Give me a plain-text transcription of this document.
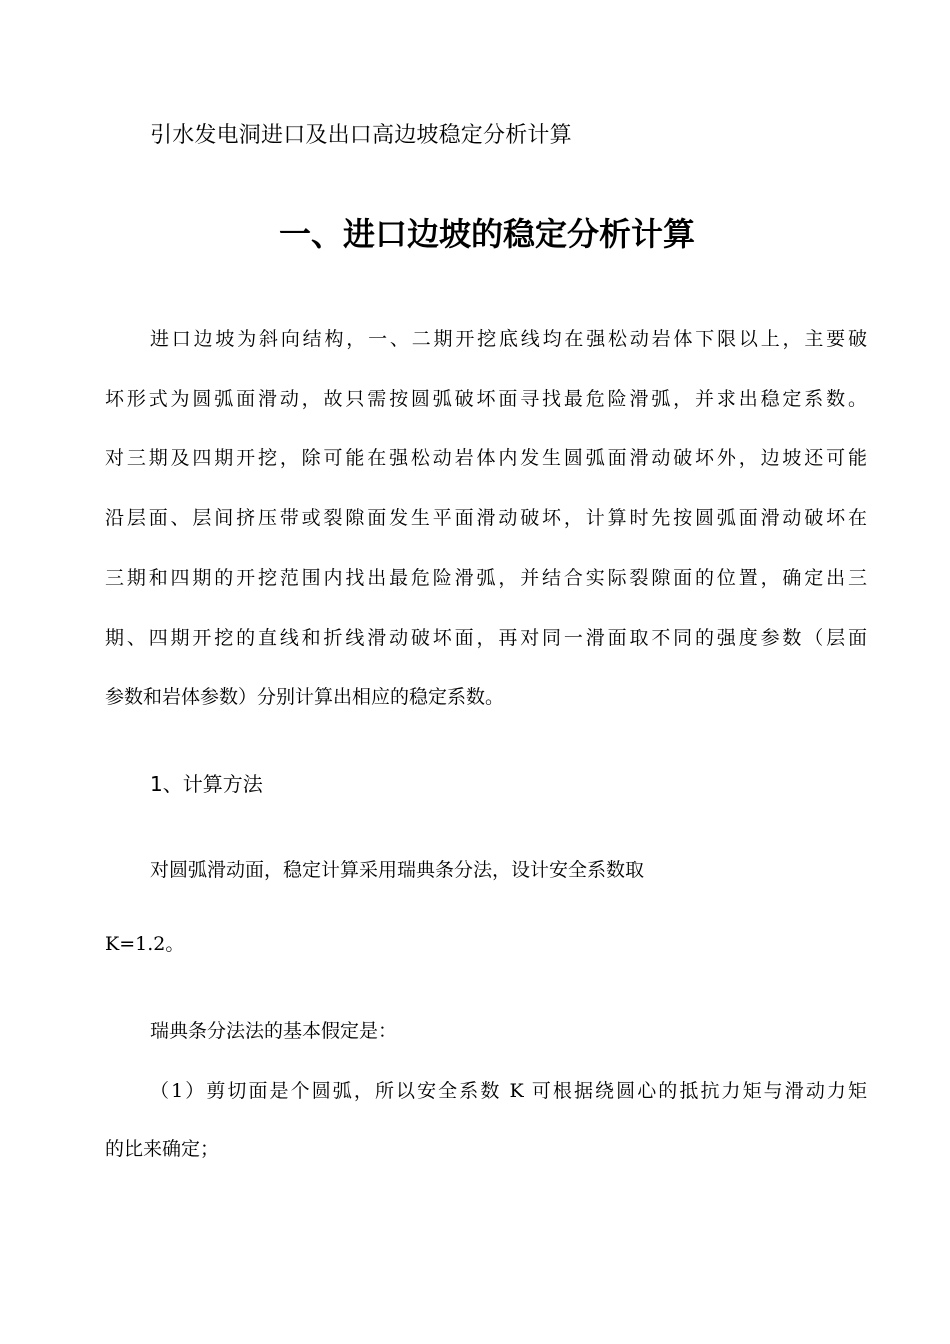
引水发电洞进口及出口高边坡稳定分析计算
一、进口边坡的稳定分析计算
进口边坡为斜向结构，一、二期开挖底线均在强松动岩体下限以上，主要破
坏形式为圆弧面滑动，故只需按圆弧破坏面寻找最危险滑弧，并求出稳定系数。
对三期及四期开挖，除可能在强松动岩体内发生圆弧面滑动破坏外，边坡还可能
沿层面、层间挤压带或裂隙面发生平面滑动破坏，计算时先按圆弧面滑动破坏在
三期和四期的开挖范围内找出最危险滑弧，并结合实际裂隙面的位置，确定出三
期、四期开挖的直线和折线滑动破坏面，再对同一滑面取不同的强度参数（层面
参数和岩体参数）分别计算出相应的稳定系数。
1、计算方法
对圆弧滑动面，稳定计算采用瑞典条分法，设计安全系数取
K=1.2。
瑞典条分法法的基本假定是：
（1）剪切面是个圆弧，所以安全系数 K 可根据绕圆心的抵抗力矩与滑动力矩
的比来确定；
